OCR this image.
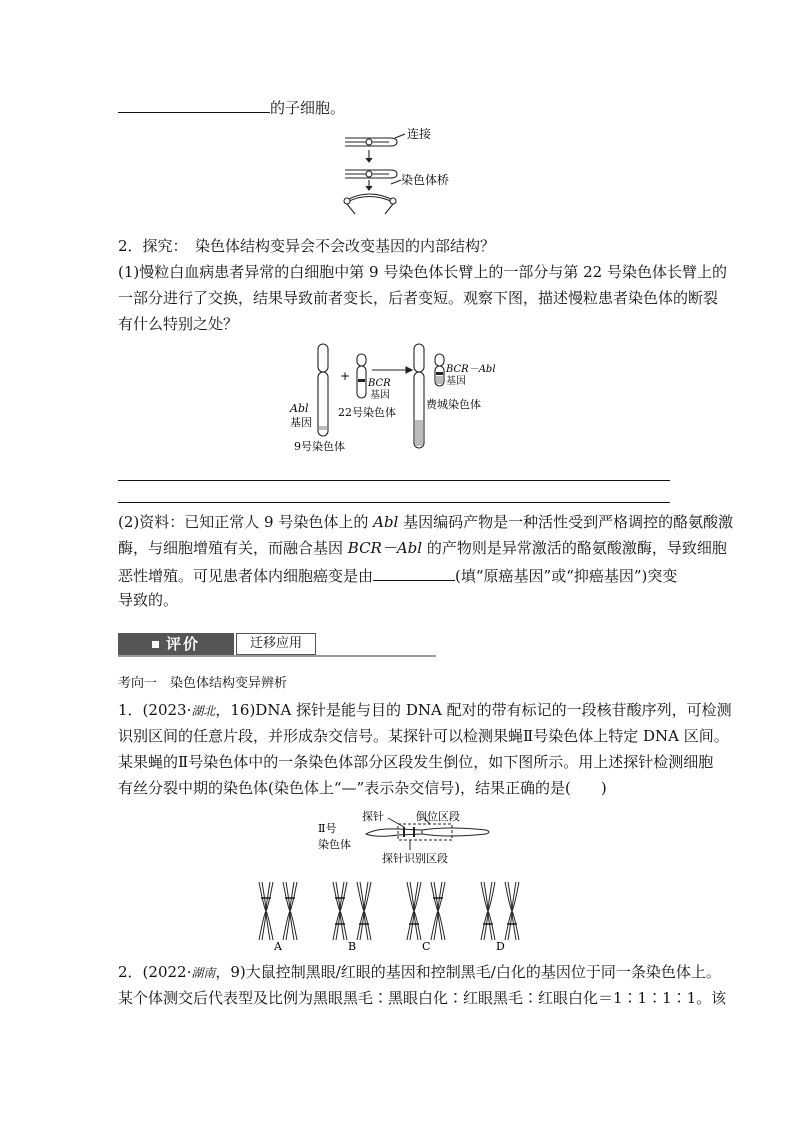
的子细胞。
连接
染色体桥
2．探究：　染色体结构变异会不会改变基因的内部结构？
(1)慢粒白血病患者异常的白细胞中第 9 号染色体长臂上的一部分与第 22 号染色体长臂上的
一部分进行了交换，结果导致前者变长，后者变短。观察下图，描述慢粒患者染色体的断裂
有什么特别之处？
Abl
基因
9号染色体
+
BCR
基因
22号染色体
BCR－Abl
基因
费城染色体
(2)资料：已知正常人 9 号染色体上的 Abl 基因编码产物是一种活性受到严格调控的酪氨酸激
酶，与细胞增殖有关，而融合基因 BCR－Abl 的产物则是异常激活的酪氨酸激酶，导致细胞
恶性增殖。可见患者体内细胞癌变是由	(填“原癌基因”或“抑癌基因”)突变
导致的。
评价	迁移应用
考向一　染色体结构变异辨析
1．(2023·湖北，16)DNA 探针是能与目的 DNA 配对的带有标记的一段核苷酸序列，可检测
识别区间的任意片段，并形成杂交信号。某探针可以检测果蝇Ⅱ号染色体上特定 DNA 区间。
某果蝇的Ⅱ号染色体中的一条染色体部分区段发生倒位，如下图所示。用上述探针检测细胞
有丝分裂中期的染色体(染色体上“—”表示杂交信号)，结果正确的是(　　)
Ⅱ号
染色体
探针	倒位区段
探针识别区段
A	B	C	D
2．(2022·湖南，9)大鼠控制黑眼/红眼的基因和控制黑毛/白化的基因位于同一条染色体上。
某个体测交后代表型及比例为黑眼黑毛∶黑眼白化∶红眼黑毛∶红眼白化＝1∶1∶1∶1。该
